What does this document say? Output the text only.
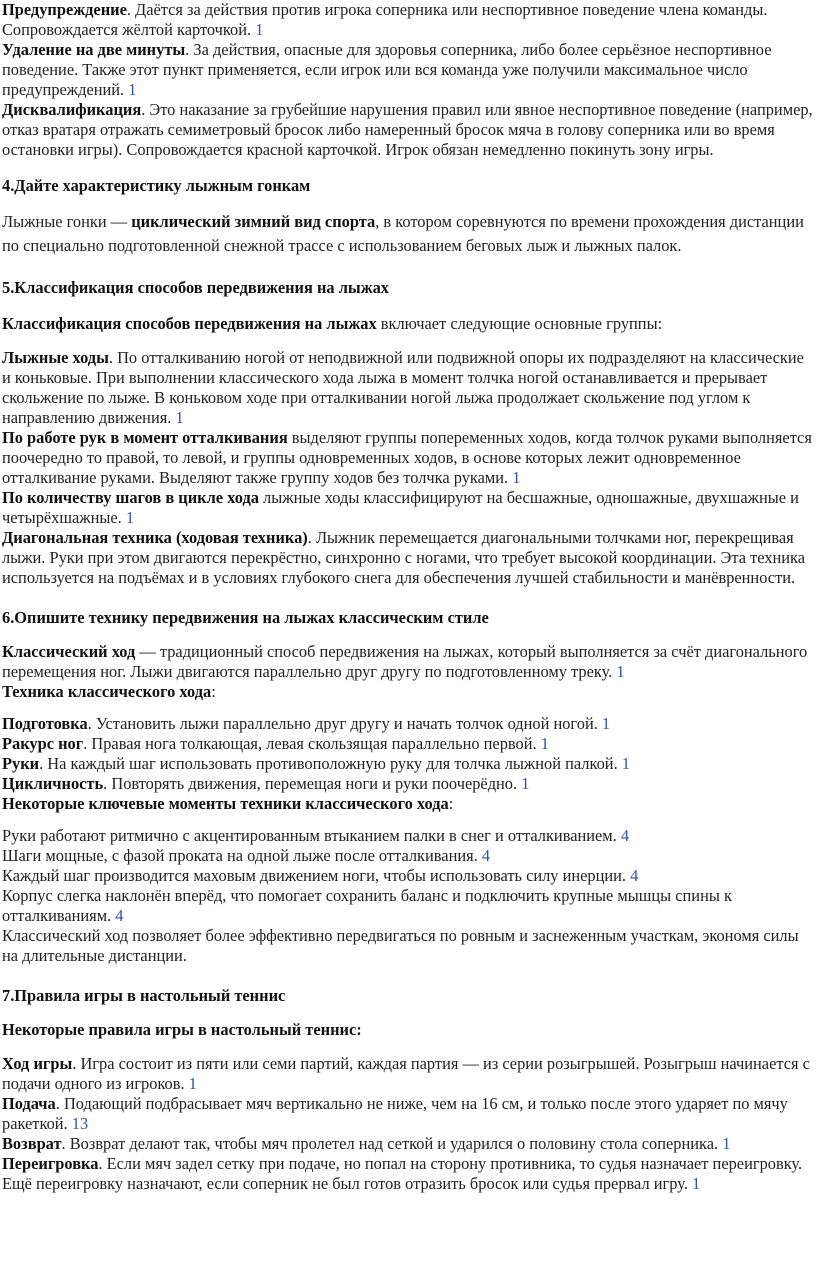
Предупреждение. Даётся за действия против игрока соперника или неспортивное поведение члена команды. Сопровождается жёлтой карточкой. 1

Удаление на две минуты. За действия, опасные для здоровья соперника, либо более серьёзное неспортивное поведение. Также этот пункт применяется, если игрок или вся команда уже получили максимальное число предупреждений. 1

Дисквалификация. Это наказание за грубейшие нарушения правил или явное неспортивное поведение (например, отказ вратаря отражать семиметровый бросок либо намеренный бросок мяча в голову соперника или во время остановки игры). Сопровождается красной карточкой. Игрок обязан немедленно покинуть зону игры.

4.Дайте характеристику лыжным гонкам

Лыжные гонки — циклический зимний вид спорта, в котором соревнуются по времени прохождения дистанции по специально подготовленной снежной трассе с использованием беговых лыж и лыжных палок.

5.Классификация способов передвижения на лыжах

Классификация способов передвижения на лыжах включает следующие основные группы:

Лыжные ходы. По отталкиванию ногой от неподвижной или подвижной опоры их подразделяют на классические и коньковые. При выполнении классического хода лыжа в момент толчка ногой останавливается и прерывает скольжение по лыже. В коньковом ходе при отталкивании ногой лыжа продолжает скольжение под углом к направлению движения. 1

По работе рук в момент отталкивания выделяют группы попеременных ходов, когда толчок руками выполняется поочередно то правой, то левой, и группы одновременных ходов, в основе которых лежит одновременное отталкивание руками. Выделяют также группу ходов без толчка руками. 1

По количеству шагов в цикле хода лыжные ходы классифицируют на бесшажные, одношажные, двухшажные и четырёхшажные. 1

Диагональная техника (ходовая техника). Лыжник перемещается диагональными толчками ног, перекрещивая лыжи. Руки при этом двигаются перекрёстно, синхронно с ногами, что требует высокой координации. Эта техника используется на подъёмах и в условиях глубокого снега для обеспечения лучшей стабильности и манёвренности.

6.Опишите технику передвижения на лыжах классическим стиле

Классический ход — традиционный способ передвижения на лыжах, который выполняется за счёт диагонального перемещения ног. Лыжи двигаются параллельно друг другу по подготовленному треку. 1

Техника классического хода:

Подготовка. Установить лыжи параллельно друг другу и начать толчок одной ногой. 1

Ракурс ног. Правая нога толкающая, левая скользящая параллельно первой. 1

Руки. На каждый шаг использовать противоположную руку для толчка лыжной палкой. 1

Цикличность. Повторять движения, перемещая ноги и руки поочерёдно. 1

Некоторые ключевые моменты техники классического хода:

Руки работают ритмично с акцентированным втыканием палки в снег и отталкиванием. 4

Шаги мощные, с фазой проката на одной лыже после отталкивания. 4

Каждый шаг производится маховым движением ноги, чтобы использовать силу инерции. 4

Корпус слегка наклонён вперёд, что помогает сохранить баланс и подключить крупные мышцы спины к отталкиваниям. 4

Классический ход позволяет более эффективно передвигаться по ровным и заснеженным участкам, экономя силы на длительные дистанции.

7.Правила игры в настольный теннис

Некоторые правила игры в настольный теннис:

Ход игры. Игра состоит из пяти или семи партий, каждая партия — из серии розыгрышей. Розыгрыш начинается с подачи одного из игроков. 1

Подача. Подающий подбрасывает мяч вертикально не ниже, чем на 16 см, и только после этого ударяет по мячу ракеткой. 13

Возврат. Возврат делают так, чтобы мяч пролетел над сеткой и ударился о половину стола соперника. 1

Переигровка. Если мяч задел сетку при подаче, но попал на сторону противника, то судья назначает переигровку. Ещё переигровку назначают, если соперник не был готов отразить бросок или судья прервал игру. 1
